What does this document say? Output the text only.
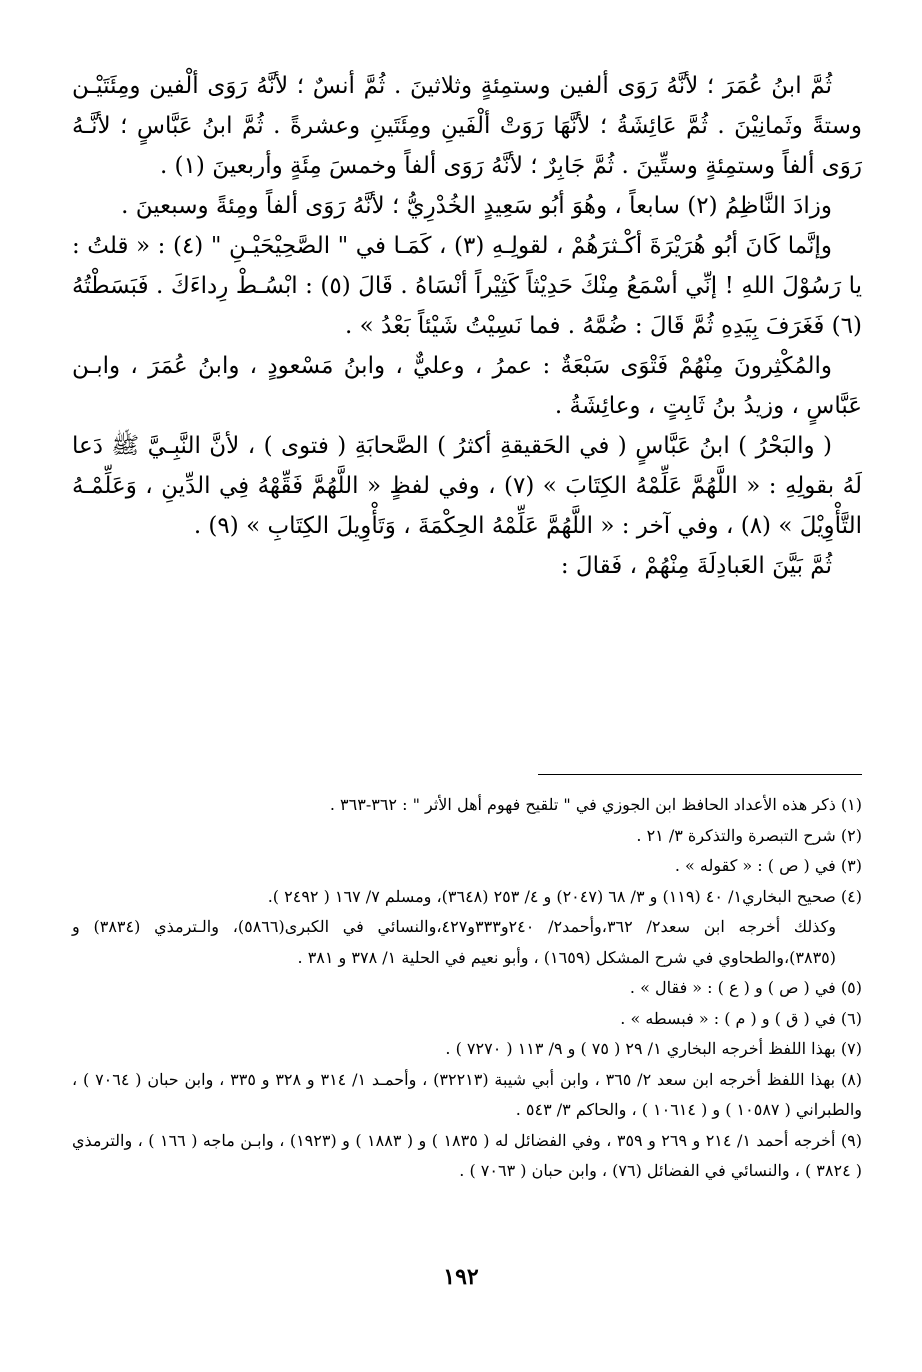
ثُمَّ ابنُ عُمَرَ ؛ لأنَّهُ رَوَى ألفين وستمِئةٍ وثلاثينَ . ثُمَّ أنسٌ ؛ لأنَّهُ رَوَى ألْفين ومِئَتَيْـن وستةً وثَمانِيْنَ . ثُمَّ عَائِشَةُ ؛ لأنَّهَا رَوَتْ ألْفَينِ ومِئَتَينِ وعشرةً . ثُمَّ ابنُ عَبَّاسٍ ؛ لأنَّـهُ رَوَى ألفاً وستمِئةٍ وستِّينَ . ثُمَّ جَابِرٌ ؛ لأنَّهُ رَوَى ألفاً وخمسَ مِئَةٍ وأربعينَ (١) .

وزادَ النَّاظِمُ (٢) سابعاً ، وهُوَ أبُو سَعِيدٍ الخُدْرِيُّ ؛ لأنَّهُ رَوَى ألفاً ومِئةً وسبعينَ .

وإنَّما كَانَ أبُو هُرَيْرَةَ أكْـثرَهُمْ ، لقولِـهِ (٣) ، كَمَـا في " الصَّحِيْحَيْـنِ " (٤) : « قلتُ : يا رَسُوْلَ اللهِ ! إنِّي أسْمَعُ مِنْكَ حَدِيْثاً كَثِيْراً أنْسَاهُ . قَالَ (٥) : ابْسُـطْ رِداءَكَ . فَبَسَطْتُهُ (٦) فَغَرَفَ بِيَدِهِ ثُمَّ قَالَ : ضُمَّهُ . فما نَسِيْتُ شَيْئاً بَعْدُ » .

والمُكْثِرونَ مِنْهُمْ فَتْوَى سَبْعَةٌ : عمرُ ، وعليٌّ ، وابنُ مَسْعودٍ ، وابنُ عُمَرَ ، وابـن عَبَّاسٍ ، وزيدُ بنُ ثَابِتٍ ، وعائِشَةُ .

( والبَحْرُ ) ابنُ عَبَّاسٍ ( في الحَقيقةِ أكثرُ ) الصَّحابَةِ ( فتوى ) ، لأنَّ النَّبِـيَّ ﷺ دَعا لَهُ بقولِهِ : « اللَّهُمَّ عَلِّمْهُ الكِتَابَ » (٧) ، وفي لفظٍ « اللَّهُمَّ فَقِّهْهُ فِي الدِّينِ ، وَعَلِّمْـهُ التَّأْوِيْلَ » (٨) ، وفي آخر : « اللَّهُمَّ عَلِّمْهُ الحِكْمَةَ ، وَتَأْوِيلَ الكِتَابِ » (٩) .

ثُمَّ بَيَّنَ العَبادِلَةَ مِنْهُمْ ، فَقالَ :

(١) ذكر هذه الأعداد الحافظ ابن الجوزي في " تلقيح فهوم أهل الأثر " : ٣٦٢-٣٦٣ .

(٢) شرح التبصرة والتذكرة ٣/ ٢١ .

(٣) في ( ص ) : « كقوله » .

(٤) صحيح البخاري١/ ٤٠ (١١٩) و ٣/ ٦٨ (٢٠٤٧) و ٤/ ٢٥٣ (٣٦٤٨)، ومسلم ٧/ ١٦٧ ( ٢٤٩٢ ).

وكذلك أخرجه ابن سعد٢/ ٣٦٢،وأحمد٢/ ٢٤٠و٣٣٣و٤٢٧،والنسائي في الكبرى(٥٨٦٦)، والـترمذي (٣٨٣٤) و (٣٨٣٥)،والطحاوي في شرح المشكل (١٦٥٩) ، وأبو نعيم في الحلية ١/ ٣٧٨ و ٣٨١ .

(٥) في ( ص ) و ( ع ) : « فقال » .

(٦) في ( ق ) و ( م ) : « فبسطه » .

(٧) بهذا اللفظ أخرجه البخاري ١/ ٢٩ ( ٧٥ ) و ٩/ ١١٣ ( ٧٢٧٠ ) .

(٨) بهذا اللفظ أخرجه ابن سعد ٢/ ٣٦٥ ، وابن أبي شيبة (٣٢٢١٣) ، وأحمـد ١/ ٣١٤ و ٣٢٨ و ٣٣٥ ، وابن حبان ( ٧٠٦٤ ) ، والطبراني ( ١٠٥٨٧ ) و ( ١٠٦١٤ ) ، والحاكم ٣/ ٥٤٣ .

(٩) أخرجه أحمد ١/ ٢١٤ و ٢٦٩ و ٣٥٩ ، وفي الفضائل له ( ١٨٣٥ ) و ( ١٨٨٣ ) و (١٩٢٣) ، وابـن ماجه ( ١٦٦ ) ، والترمذي ( ٣٨٢٤ ) ، والنسائي في الفضائل (٧٦) ، وابن حبان ( ٧٠٦٣ ) .

١٩٢
